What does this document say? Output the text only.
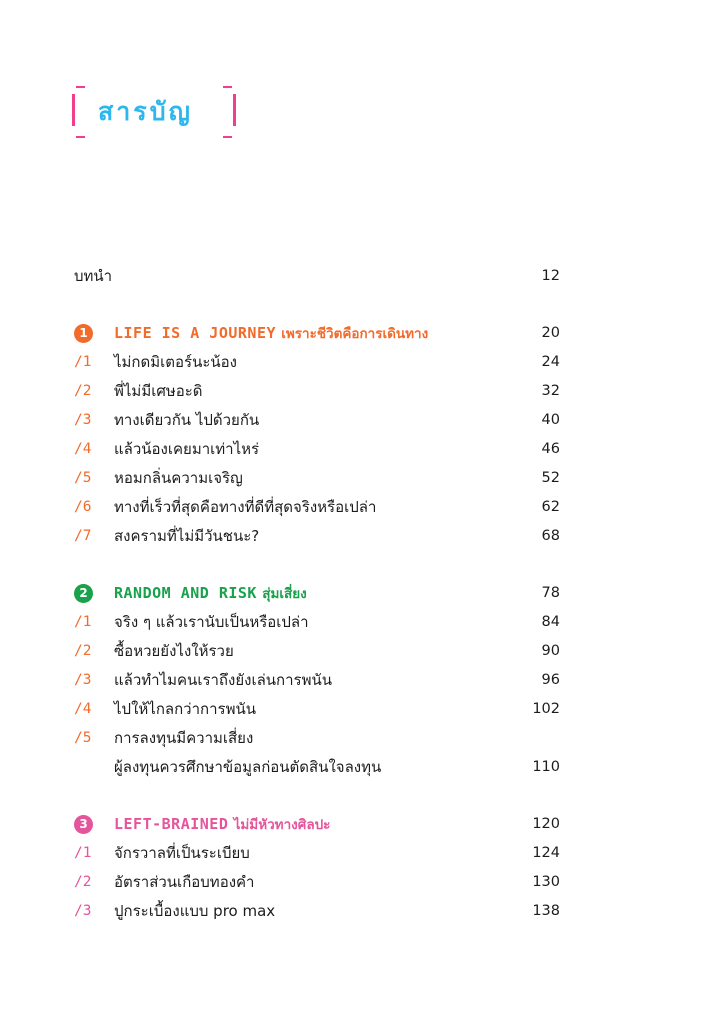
สารบัญ
บทนำ	12
1	LIFE IS A JOURNEY เพราะชีวิตคือการเดินทาง	20
/1	ไม่กดมิเตอร์นะน้อง	24
/2	พี่ไม่มีเศษอะดิ	32
/3	ทางเดียวกัน ไปด้วยกัน	40
/4	แล้วน้องเคยมาเท่าไหร่	46
/5	หอมกลิ่นความเจริญ	52
/6	ทางที่เร็วที่สุดคือทางที่ดีที่สุดจริงหรือเปล่า	62
/7	สงครามที่ไม่มีวันชนะ?	68
2	RANDOM AND RISK สุ่มเสี่ยง	78
/1	จริง ๆ แล้วเรานับเป็นหรือเปล่า	84
/2	ซื้อหวยยังไงให้รวย	90
/3	แล้วทำไมคนเราถึงยังเล่นการพนัน	96
/4	ไปให้ไกลกว่าการพนัน	102
/5	การลงทุนมีความเสี่ยง
ผู้ลงทุนควรศึกษาข้อมูลก่อนตัดสินใจลงทุน	110
3	LEFT-BRAINED ไม่มีหัวทางศิลปะ	120
/1	จักรวาลที่เป็นระเบียบ	124
/2	อัตราส่วนเกือบทองคำ	130
/3	ปูกระเบื้องแบบ pro max	138
